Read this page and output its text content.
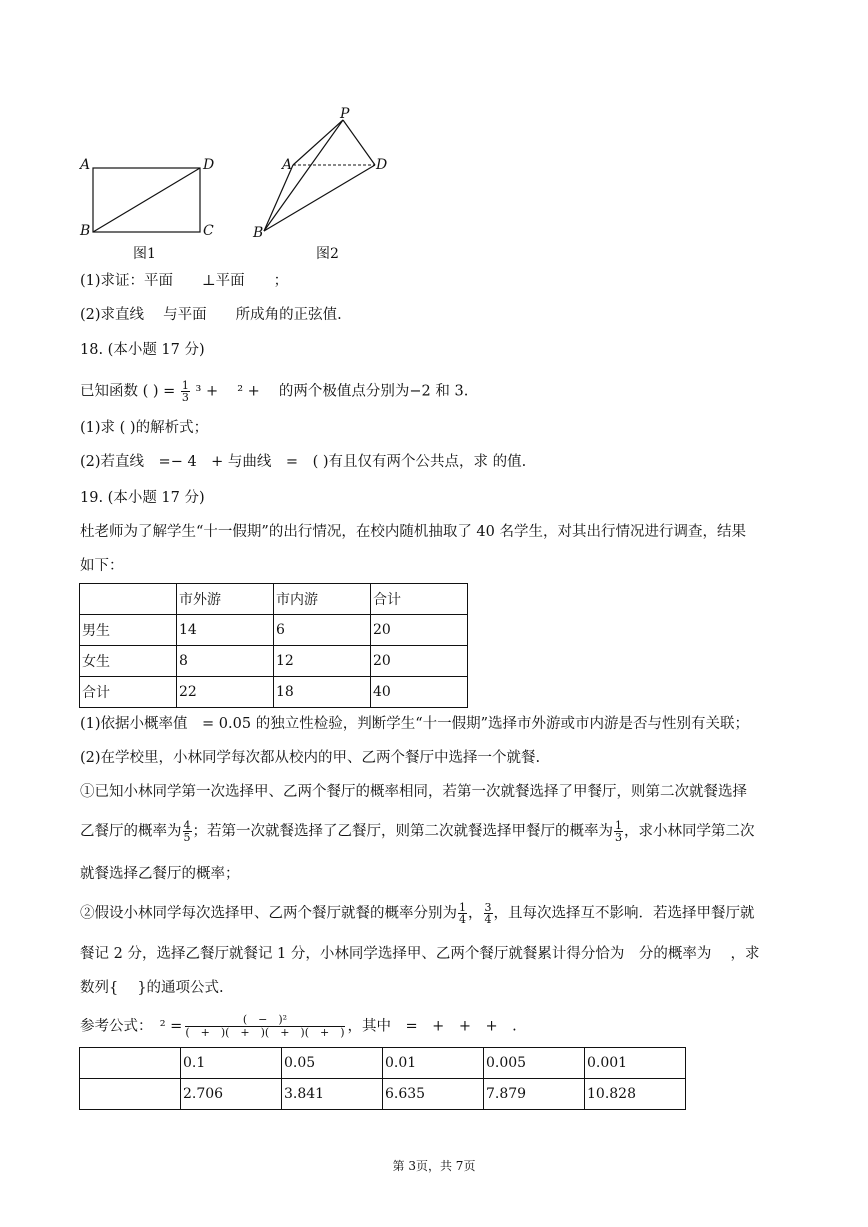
A	D
B	C
图1
P
A	D
B
图2
(1)求证：平面　　⊥平面　　；
(2)求直线　 与平面　　所成角的正弦值.
18. (本小题 17 分)
已知函数 ( ) = $\frac{1}{3} ^3$ +　 ² +　 的两个极值点分别为−2 和 3.
(1)求 ( )的解析式；
(2)若直线　=− 4　+ 与曲线　=　( )有且仅有两个公共点，求 的值.
19. (本小题 17 分)
杜老师为了解学生“十一假期”的出行情况，在校内随机抽取了 40 名学生，对其出行情况进行调查，结果
如下：
	市外游	市内游	合计
男生	14	6	20
女生	8	12	20
合计	22	18	40
(1)依据小概率值　= 0.05 的独立性检验，判断学生“十一假期”选择市外游或市内游是否与性别有关联；
(2)在学校里，小林同学每次都从校内的甲、乙两个餐厅中选择一个就餐.
①已知小林同学第一次选择甲、乙两个餐厅的概率相同，若第一次就餐选择了甲餐厅，则第二次就餐选择
乙餐厅的概率为 $\frac{4}{5}$ ；若第一次就餐选择了乙餐厅，则第二次就餐选择甲餐厅的概率为 $\frac{1}{3}$ ，求小林同学第二次
就餐选择乙餐厅的概率；
②假设小林同学每次选择甲、乙两个餐厅就餐的概率分别为 $\frac{1}{4}$ ， $\frac{3}{4}$ ，且每次选择互不影响．若选择甲餐厅就
餐记 2 分，选择乙餐厅就餐记 1 分，小林同学选择甲、乙两个餐厅就餐累计得分恰为　分的概率为　 ，求
数列{　 }的通项公式.
参考公式：　² =	(　−　)²
(　+　)(　+　)(　+　)(　+　) ，其中　=　+　+　+　.
	0.1	0.05	0.01	0.005	0.001
	2.706	3.841	6.635	7.879	10.828
第 3页，共 7页
